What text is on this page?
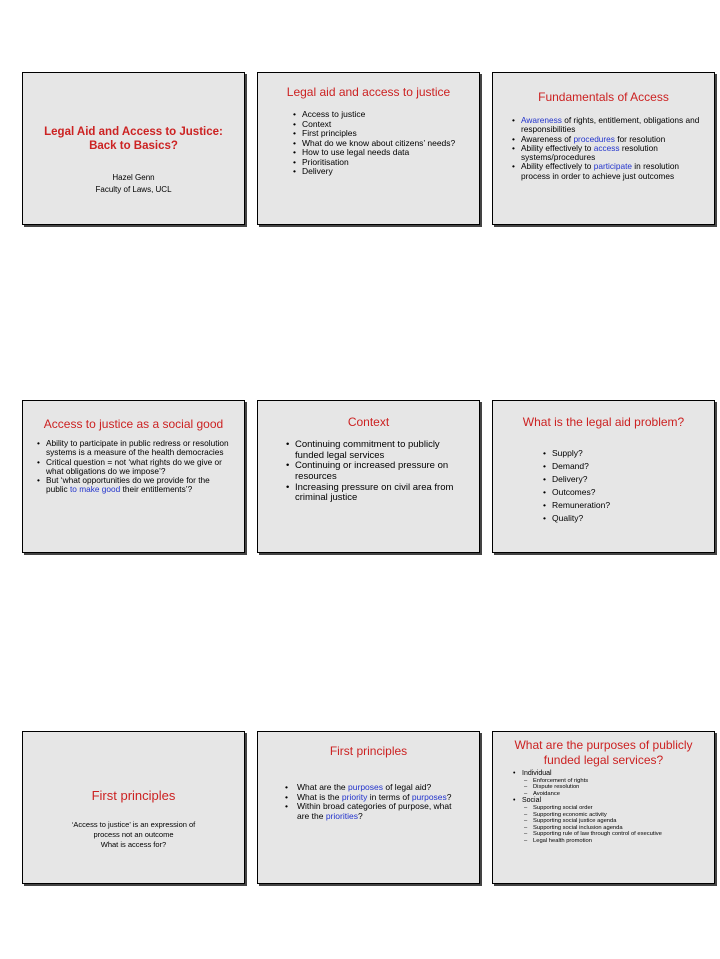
Legal Aid and Access to Justice:
Back to Basics?
Hazel Genn
Faculty of Laws, UCL
Legal aid and access to justice
• Access to justice
• Context
• First principles
• What do we know about citizens’ needs?
• How to use legal needs data
• Prioritisation
• Delivery
Fundamentals of Access
• Awareness of rights, entitlement, obligations and responsibilities
• Awareness of procedures for resolution
• Ability effectively to access resolution systems/procedures
• Ability effectively to participate in resolution process in order to achieve just outcomes
Access to justice as a social good
• Ability to participate in public redress or resolution systems is a measure of the health democracies
• Critical question = not ‘what rights do we give or what obligations do we impose’?
• But ‘what opportunities do we provide for the public to make good their entitlements’?
Context
• Continuing commitment to publicly funded legal services
• Continuing or increased pressure on resources
• Increasing pressure on civil area from criminal justice
What is the legal aid problem?
• Supply?
• Demand?
• Delivery?
• Outcomes?
• Remuneration?
• Quality?
First principles
‘Access to justice’ is an expression of
process not an outcome
What is access for?
First principles
• What are the purposes of legal aid?
• What is the priority in terms of purposes?
• Within broad categories of purpose, what are the priorities?
What are the purposes of publicly
funded legal services?
• Individual
– Enforcement of rights
– Dispute resolution
– Avoidance
• Social
– Supporting social order
– Supporting economic activity
– Supporting social justice agenda
– Supporting social inclusion agenda
– Supporting rule of law through control of executive
– Legal health promotion
